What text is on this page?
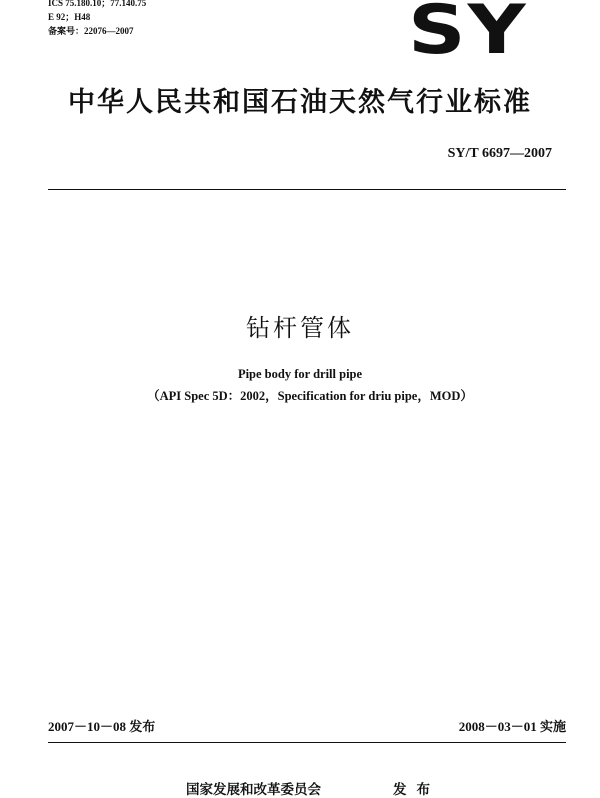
ICS 75.180.10；77.140.75
E 92；H48
备案号：22076—2007	SY
中华人民共和国石油天然气行业标准
SY/T 6697—2007
钻杆管体
Pipe body for drill pipe
（API Spec 5D：2002，Specification for driu pipe，MOD）
2007－10－08 发布	2008－03－01 实施
国家发展和改革委员会	发布
